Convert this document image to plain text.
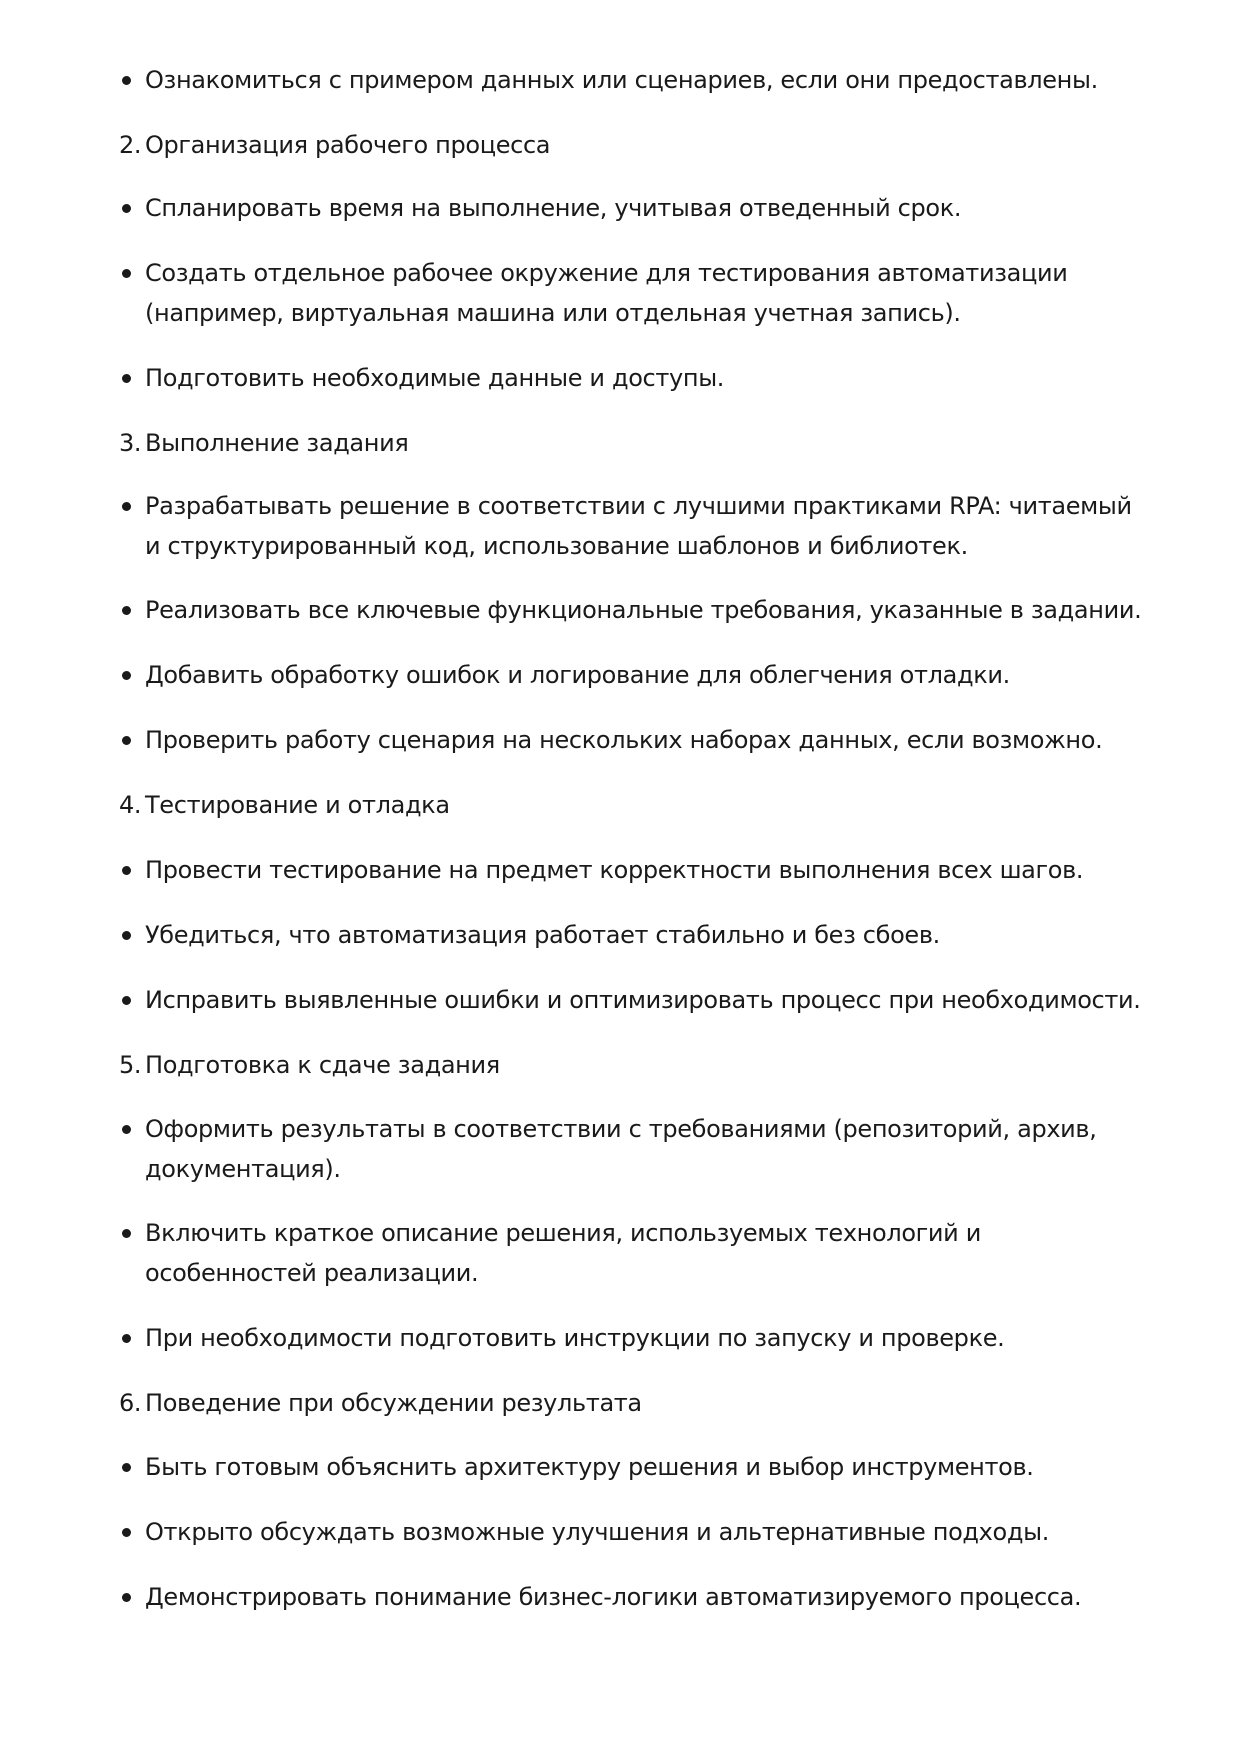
Ознакомиться с примером данных или сценариев, если они предоставлены.
2. Организация рабочего процесса
Спланировать время на выполнение, учитывая отведенный срок.
Создать отдельное рабочее окружение для тестирования автоматизации (например, виртуальная машина или отдельная учетная запись).
Подготовить необходимые данные и доступы.
3. Выполнение задания
Разрабатывать решение в соответствии с лучшими практиками RPA: читаемый и структурированный код, использование шаблонов и библиотек.
Реализовать все ключевые функциональные требования, указанные в задании.
Добавить обработку ошибок и логирование для облегчения отладки.
Проверить работу сценария на нескольких наборах данных, если возможно.
4. Тестирование и отладка
Провести тестирование на предмет корректности выполнения всех шагов.
Убедиться, что автоматизация работает стабильно и без сбоев.
Исправить выявленные ошибки и оптимизировать процесс при необходимости.
5. Подготовка к сдаче задания
Оформить результаты в соответствии с требованиями (репозиторий, архив, документация).
Включить краткое описание решения, используемых технологий и особенностей реализации.
При необходимости подготовить инструкции по запуску и проверке.
6. Поведение при обсуждении результата
Быть готовым объяснить архитектуру решения и выбор инструментов.
Открыто обсуждать возможные улучшения и альтернативные подходы.
Демонстрировать понимание бизнес-логики автоматизируемого процесса.
